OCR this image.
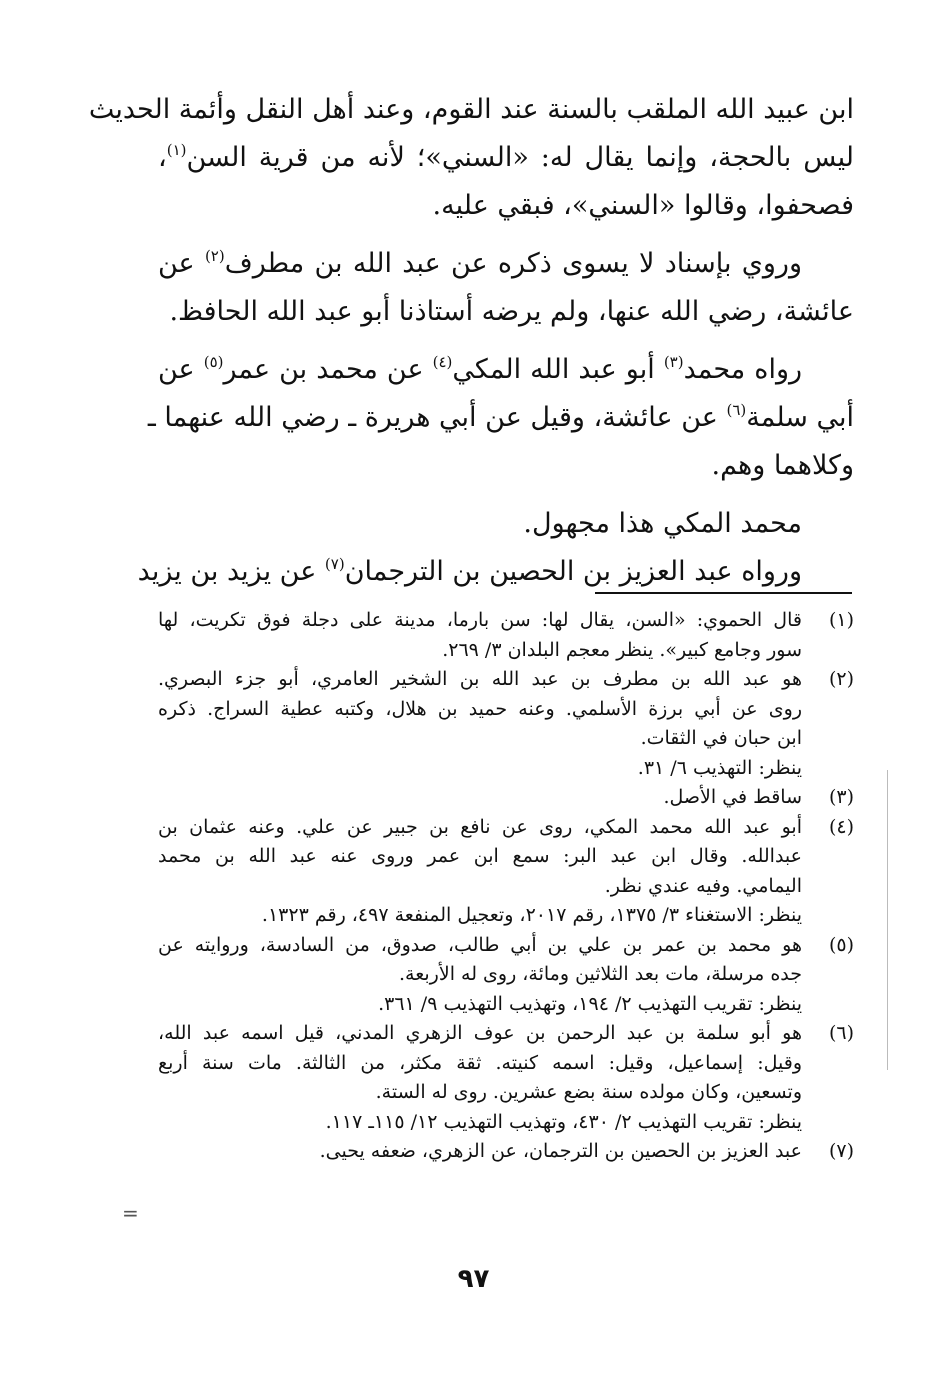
ابن عبيد الله الملقب بالسنة عند القوم، وعند أهل النقل وأئمة الحديث
ليس بالحجة، وإنما يقال له: «السني»؛ لأنه من قرية السن$^{(١)}$،
فصحفوا، وقالوا «السني»، فبقي عليه.
وروي بإسناد لا يسوى ذكره عن عبد الله بن مطرف$^{(٢)}$ عن
عائشة، رضي الله عنها، ولم يرضه أستاذنا أبو عبد الله الحافظ.
رواه محمد$^{(٣)}$ أبو عبد الله المكي$^{(٤)}$ عن محمد بن عمر$^{(٥)}$ عن
أبي سلمة$^{(٦)}$ عن عائشة، وقيل عن أبي هريرة ـ رضي الله عنهما ـ
وكلاهما وهم.
محمد المكي هذا مجهول.
ورواه عبد العزيز بن الحصين بن الترجمان$^{(٧)}$ عن يزيد بن يزيد
(١)
قال الحموي: «السن، يقال لها: سن بارما، مدينة على دجلة فوق تكريت، لها
سور وجامع كبير». ينظر معجم البلدان ٣/ ٢٦٩.
(٢)
هو عبد الله بن مطرف بن عبد الله بن الشخير العامري، أبو جزء البصري.
روى عن أبي برزة الأسلمي. وعنه حميد بن هلال، وكتبه عطية السراج. ذكره
ابن حبان في الثقات.
ينظر: التهذيب ٦/ ٣١.
(٣)
ساقط في الأصل.
(٤)
أبو عبد الله محمد المكي، روى عن نافع بن جبير عن علي. وعنه عثمان بن
عبدالله. وقال ابن عبد البر: سمع ابن عمر وروى عنه عبد الله بن محمد
اليمامي. وفيه عندي نظر.
ينظر: الاستغناء ٣/ ١٣٧٥، رقم ٢٠١٧، وتعجيل المنفعة ٤٩٧، رقم ١٣٢٣.
(٥)
هو محمد بن عمر بن علي بن أبي طالب، صدوق، من السادسة، وروايته عن
جده مرسلة، مات بعد الثلاثين ومائة، روى له الأربعة.
ينظر: تقريب التهذيب ٢/ ١٩٤، وتهذيب التهذيب ٩/ ٣٦١.
(٦)
هو أبو سلمة بن عبد الرحمن بن عوف الزهري المدني، قيل اسمه عبد الله،
وقيل: إسماعيل، وقيل: اسمه كنيته. ثقة مكثر، من الثالثة. مات سنة أربع
وتسعين، وكان مولده سنة بضع عشرين. روى له الستة.
ينظر: تقريب التهذيب ٢/ ٤٣٠، وتهذيب التهذيب ١٢/ ١١٥ـ ١١٧.
(٧)
عبد العزيز بن الحصين بن الترجمان، عن الزهري، ضعفه يحيى.
=
٩٧
